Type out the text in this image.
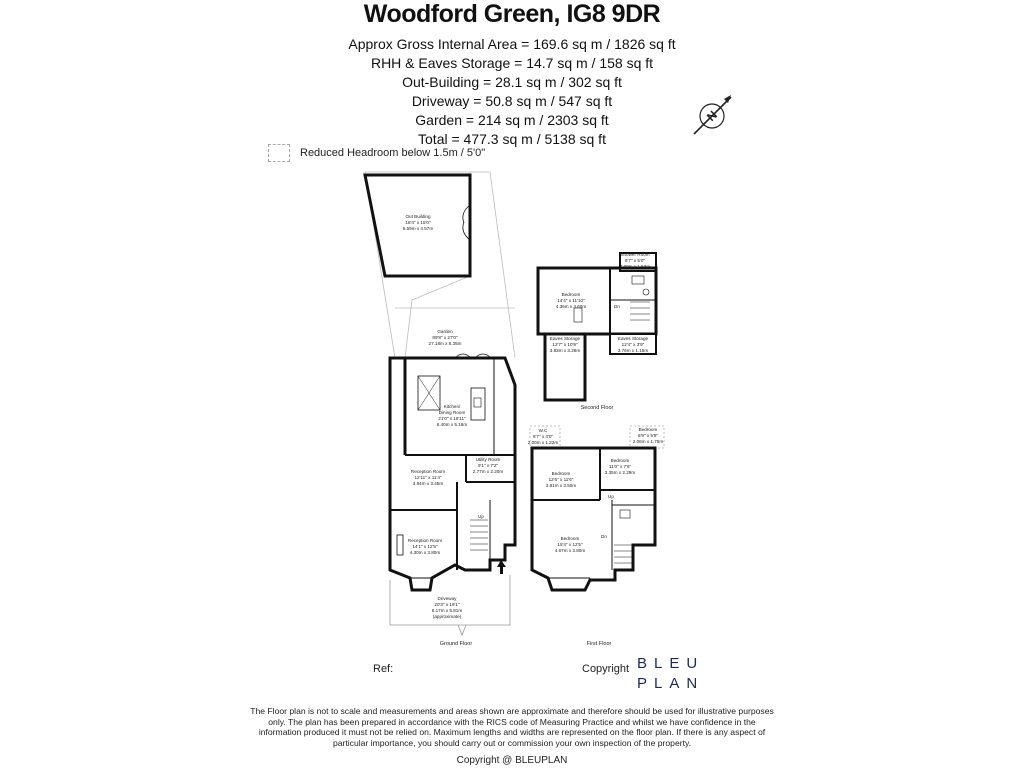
Woodford Green, IG8 9DR
Approx Gross Internal Area = 169.6 sq m / 1826 sq ft
RHH & Eaves Storage = 14.7 sq m / 158 sq ft
Out-Building = 28.1 sq m / 302 sq ft
Driveway = 50.8 sq m / 547 sq ft
Garden = 214 sq m / 2303 sq ft
Total = 477.3 sq m / 5138 sq ft
Reduced Headroom below 1.5m / 5'0"
N
Out Building
18'4" x 15'0"
5.59m x 4.57m
Garden
89'8" x 27'0"
27.18m x 8.35m
Kitchen/
Dining Room
21'0" x 16'11"
6.40m x 5.16m
Utility Room
9'1" x 7'2"
2.77m x 2.20m
Reception Room
12'11" x 11'4"
3.94m x 3.45m
Reception Room
14'1" x 12'5"
4.30m x 3.80m
Driveway
20'3" x 19'1"
6.17m x 5.81m
(approximate)
Bedroom
14'4" x 11'10"
4.36m x 3.60m
Shower Room
6'7" x 5'0"
2.00m x 1.53m
Eaves Storage
12'7" x 10'9"
3.83m x 3.28m
Eaves Storage
12'4" x 3'9"
3.76m x 1.15m
W.C
6'7" x 4'0"
2.00m x 1.22m
Bedroom
6'9" x 5'9"
2.06m x 1.75m
Bedroom
12'6" x 11'6"
3.81m x 3.50m
Bedroom
11'0" x 7'6"
3.35m x 2.29m
Bedroom
15'4" x 12'5"
4.67m x 3.80m
Up
Up
Dn
Dn
Ground Floor	First Floor
Second Floor
Ref:	Copyright BLEU
PLAN
The Floor plan is not to scale and measurements and areas shown are approximate and therefore should be used for illustrative purposes only. The plan has been prepared in accordance with the RICS code of Measuring Practice and whilst we have confidence in the information produced it must not be relied on. Maximum lengths and widths are represented on the floor plan. If there is any aspect of particular importance, you should carry out or commission your own inspection of the property.
Copyright @ BLEUPLAN
